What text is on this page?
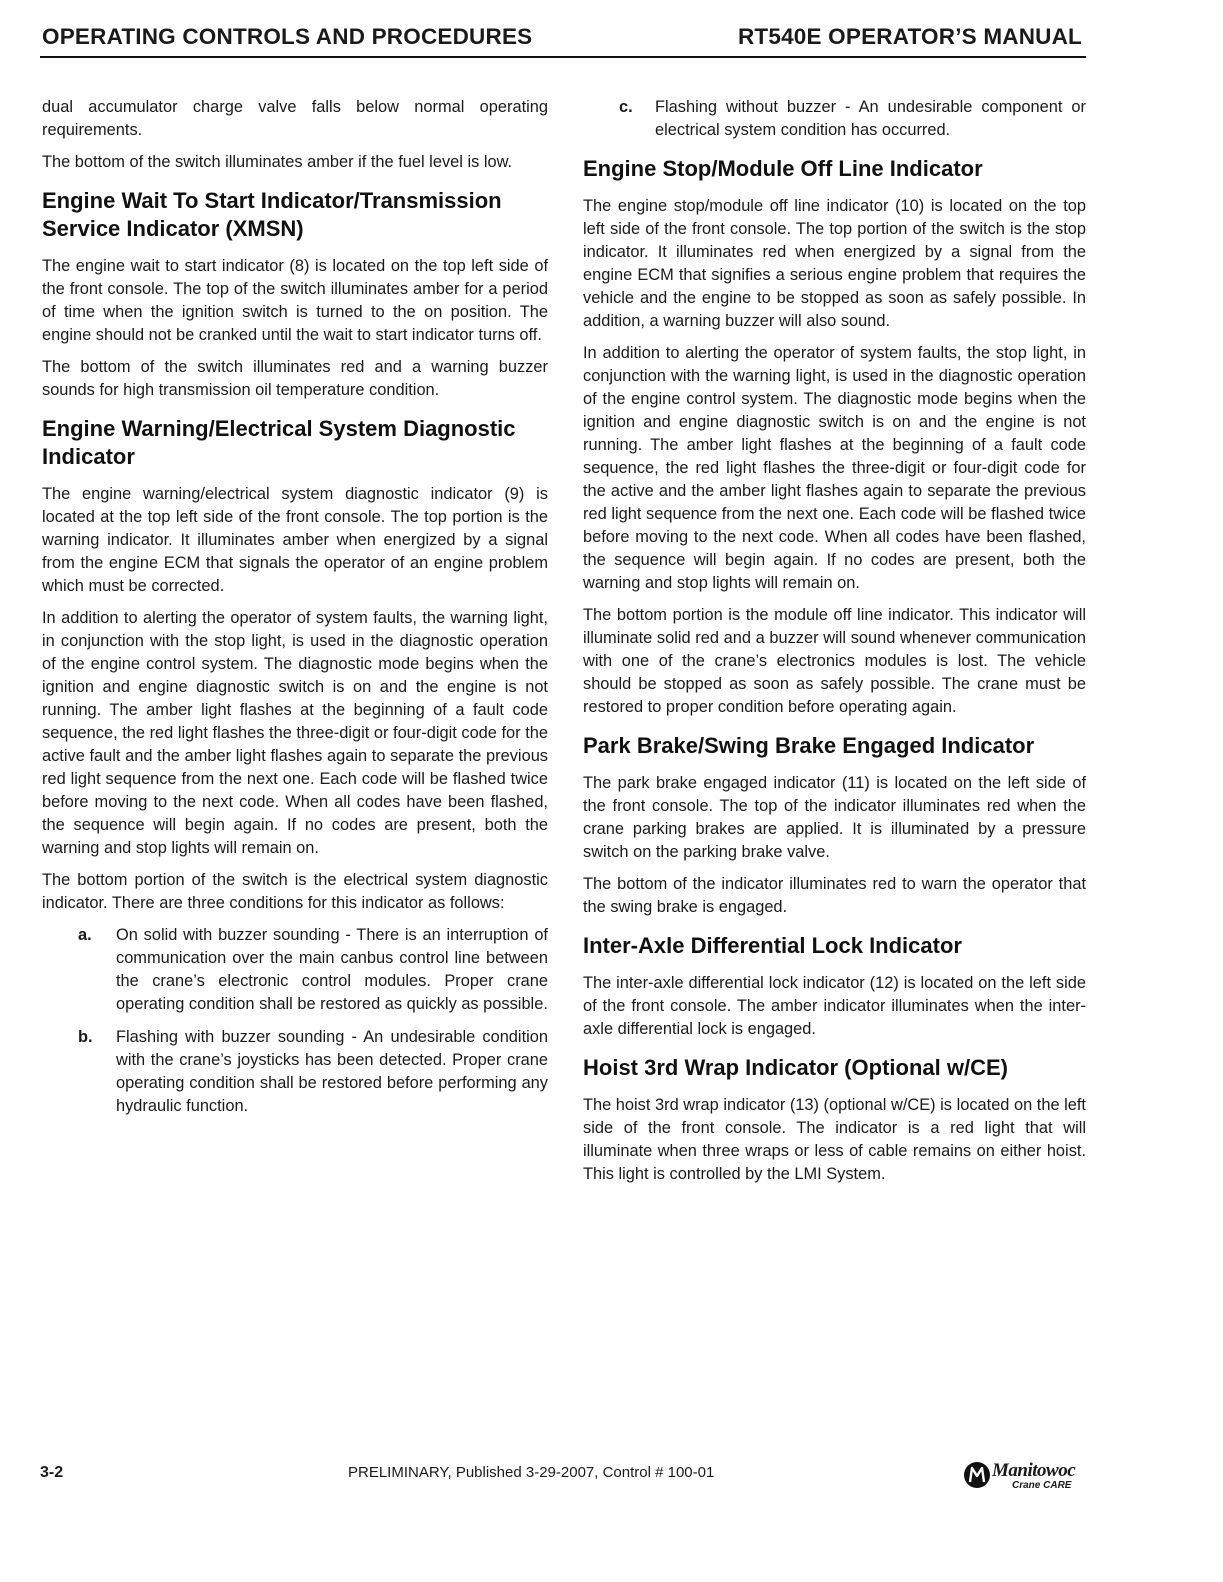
OPERATING CONTROLS AND PROCEDURES	RT540E OPERATOR’S MANUAL

dual accumulator charge valve falls below normal operating requirements.

The bottom of the switch illuminates amber if the fuel level is low.

Engine Wait To Start Indicator/Transmission Service Indicator (XMSN)

The engine wait to start indicator (8) is located on the top left side of the front console. The top of the switch illuminates amber for a period of time when the ignition switch is turned to the on position. The engine should not be cranked until the wait to start indicator turns off.

The bottom of the switch illuminates red and a warning buzzer sounds for high transmission oil temperature condition.

Engine Warning/Electrical System Diagnostic Indicator

The engine warning/electrical system diagnostic indicator (9) is located at the top left side of the front console. The top portion is the warning indicator. It illuminates amber when energized by a signal from the engine ECM that signals the operator of an engine problem which must be corrected.

In addition to alerting the operator of system faults, the warning light, in conjunction with the stop light, is used in the diagnostic operation of the engine control system. The diagnostic mode begins when the ignition and engine diagnostic switch is on and the engine is not running. The amber light flashes at the beginning of a fault code sequence, the red light flashes the three-digit or four-digit code for the active fault and the amber light flashes again to separate the previous red light sequence from the next one. Each code will be flashed twice before moving to the next code. When all codes have been flashed, the sequence will begin again. If no codes are present, both the warning and stop lights will remain on.

The bottom portion of the switch is the electrical system diagnostic indicator. There are three conditions for this indicator as follows:

a. On solid with buzzer sounding - There is an interruption of communication over the main canbus control line between the crane’s electronic control modules. Proper crane operating condition shall be restored as quickly as possible.

b. Flashing with buzzer sounding - An undesirable condition with the crane’s joysticks has been detected. Proper crane operating condition shall be restored before performing any hydraulic function.

c. Flashing without buzzer - An undesirable component or electrical system condition has occurred.

Engine Stop/Module Off Line Indicator

The engine stop/module off line indicator (10) is located on the top left side of the front console. The top portion of the switch is the stop indicator. It illuminates red when energized by a signal from the engine ECM that signifies a serious engine problem that requires the vehicle and the engine to be stopped as soon as safely possible. In addition, a warning buzzer will also sound.

In addition to alerting the operator of system faults, the stop light, in conjunction with the warning light, is used in the diagnostic operation of the engine control system. The diagnostic mode begins when the ignition and engine diagnostic switch is on and the engine is not running. The amber light flashes at the beginning of a fault code sequence, the red light flashes the three-digit or four-digit code for the active and the amber light flashes again to separate the previous red light sequence from the next one. Each code will be flashed twice before moving to the next code. When all codes have been flashed, the sequence will begin again. If no codes are present, both the warning and stop lights will remain on.

The bottom portion is the module off line indicator. This indicator will illuminate solid red and a buzzer will sound whenever communication with one of the crane’s electronics modules is lost. The vehicle should be stopped as soon as safely possible. The crane must be restored to proper condition before operating again.

Park Brake/Swing Brake Engaged Indicator

The park brake engaged indicator (11) is located on the left side of the front console. The top of the indicator illuminates red when the crane parking brakes are applied. It is illuminated by a pressure switch on the parking brake valve.

The bottom of the indicator illuminates red to warn the operator that the swing brake is engaged.

Inter-Axle Differential Lock Indicator

The inter-axle differential lock indicator (12) is located on the left side of the front console. The amber indicator illuminates when the inter-axle differential lock is engaged.

Hoist 3rd Wrap Indicator (Optional w/CE)

The hoist 3rd wrap indicator (13) (optional w/CE) is located on the left side of the front console. The indicator is a red light that will illuminate when three wraps or less of cable remains on either hoist. This light is controlled by the LMI System.

3-2	PRELIMINARY, Published 3-29-2007, Control # 100-01	Manitowoc
Crane CARE
